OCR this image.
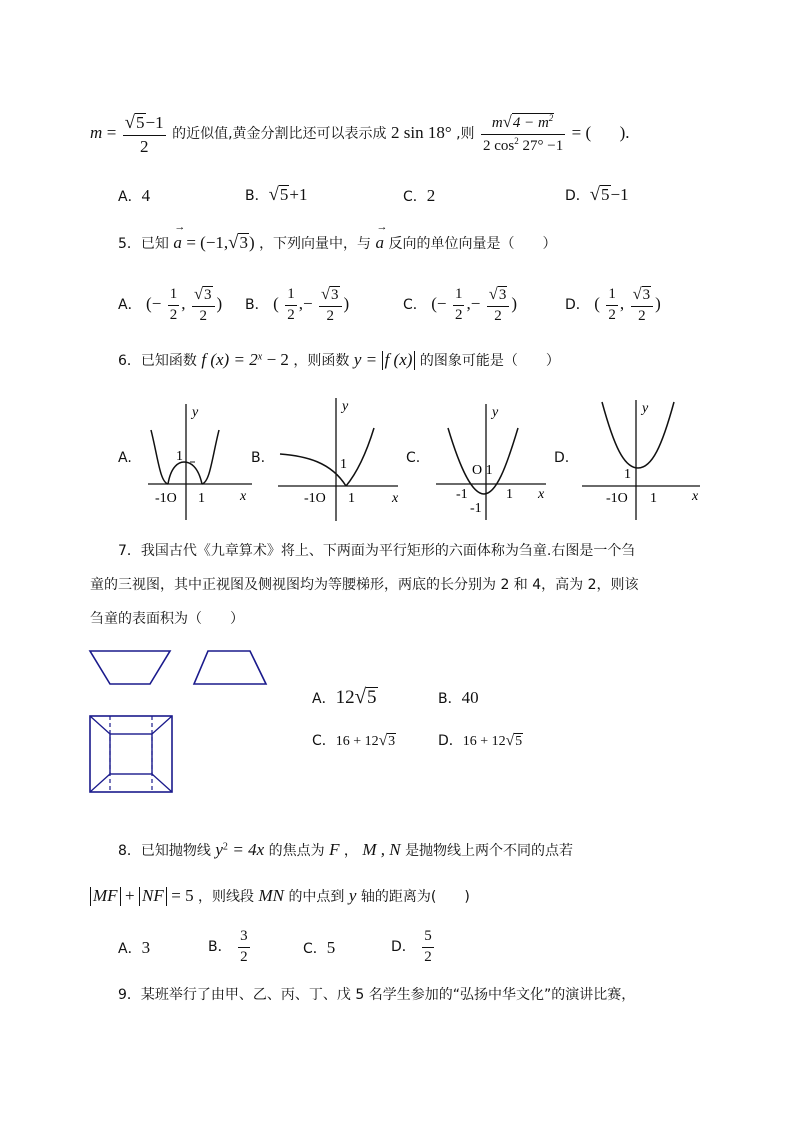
$m = \frac{√5-1}{2}$ 的近似值,黄金分割比还可以表示成 2 sin 18° ,则 $\frac{m√4 - m^2}{2 \cos^2 27^\circ -1}$ = ( ).
A．4	B．√5+1	C．2	D．√5−1
5．已知
→
a = (−1,√3) ，下列向量中，与
→
a 反向的单位向量是（　　）
A． (− $\frac{1}{2}$ , $\frac{√3}{2}$ ) B． ( $\frac{1}{2}$ ,− $\frac{√3}{2}$ )	C． (− $\frac{1}{2}$ ,− $\frac{√3}{2}$ )	D． ( $\frac{1}{2}$ , $\frac{√3}{2}$ )
6．已知函数 f $(x) = 2^x - 2$ ，则函数 y = f (x) 的图象可能是（　　）
A.
y
1
-1O 1	x
B.
y
1
-1O 1	x
C.
y
O 1
-1	1
-1
x
D.
y
1
-1O 1	x
7．我国古代《九章算术》将上、下两面为平行矩形的六面体称为刍童.右图是一个刍
童的三视图，其中正视图及侧视图均为等腰梯形，两底的长分别为 2 和 4，高为 2，则该
刍童的表面积为（　　）
A．12√5	B．40
C．16 + 12√3	D．16 + 12√5
8．已知抛物线 $y^2 = 4x$ 的焦点为 F ， M , N 是抛物线上两个不同的点若
MF + NF = 5 ，则线段 MN 的中点到 y 轴的距离为(　　)
A．3	B． $\frac{3}{2}$	C．5	D． $\frac{5}{2}$
9．某班举行了由甲、乙、丙、丁、戊 5 名学生参加的“弘扬中华文化”的演讲比赛，
